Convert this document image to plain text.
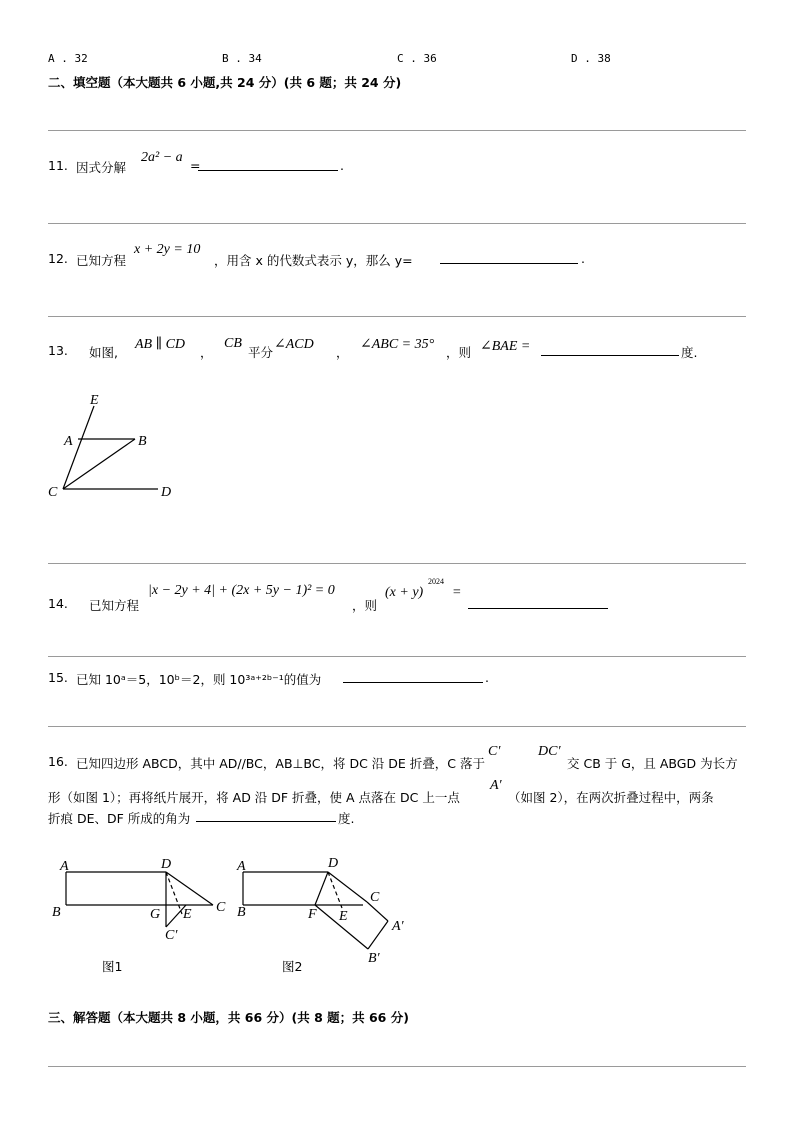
A . 32	B . 34	C . 36	D . 38
二、填空题（本大题共 6 小题,共 24 分）(共 6 题；共 24 分)
11. 因式分解
2a² − a
=	.
12. 已知方程
x + 2y = 10
，用含 x 的代数式表示 y，那么 y=	.
13. 如图,
AB ∥ CD
，
CB
平分
∠ACD
，
∠ABC = 35°
，则 ∠BAE =	度.
E
A	B
C	D
14. 已知方程
|x − 2y + 4| + (2x + 5y − 1)² = 0
，则
(x + y)
2024
=
15. 已知 10ᵃ＝5，10ᵇ＝2，则 10³ᵃ⁺²ᵇ⁻¹的值为	.
16. 已知四边形 ABCD，其中 AD//BC，AB⊥BC，将 DC 沿 DE 折叠，C 落于
C′	DC′
交 CB 于 G，且 ABGD 为长方
形（如图 1）；再将纸片展开，将 AD 沿 DF 折叠，使 A 点落在 DC 上一点
A′
（如图 2），在两次折叠过程中，两条
折痕 DE、DF 所成的角为	度.
A
B
D
G E C
C′
图1
A
B
D
F E
C
A′
B′
图2
三、解答题（本大题共 8 小题，共 66 分）(共 8 题；共 66 分)
